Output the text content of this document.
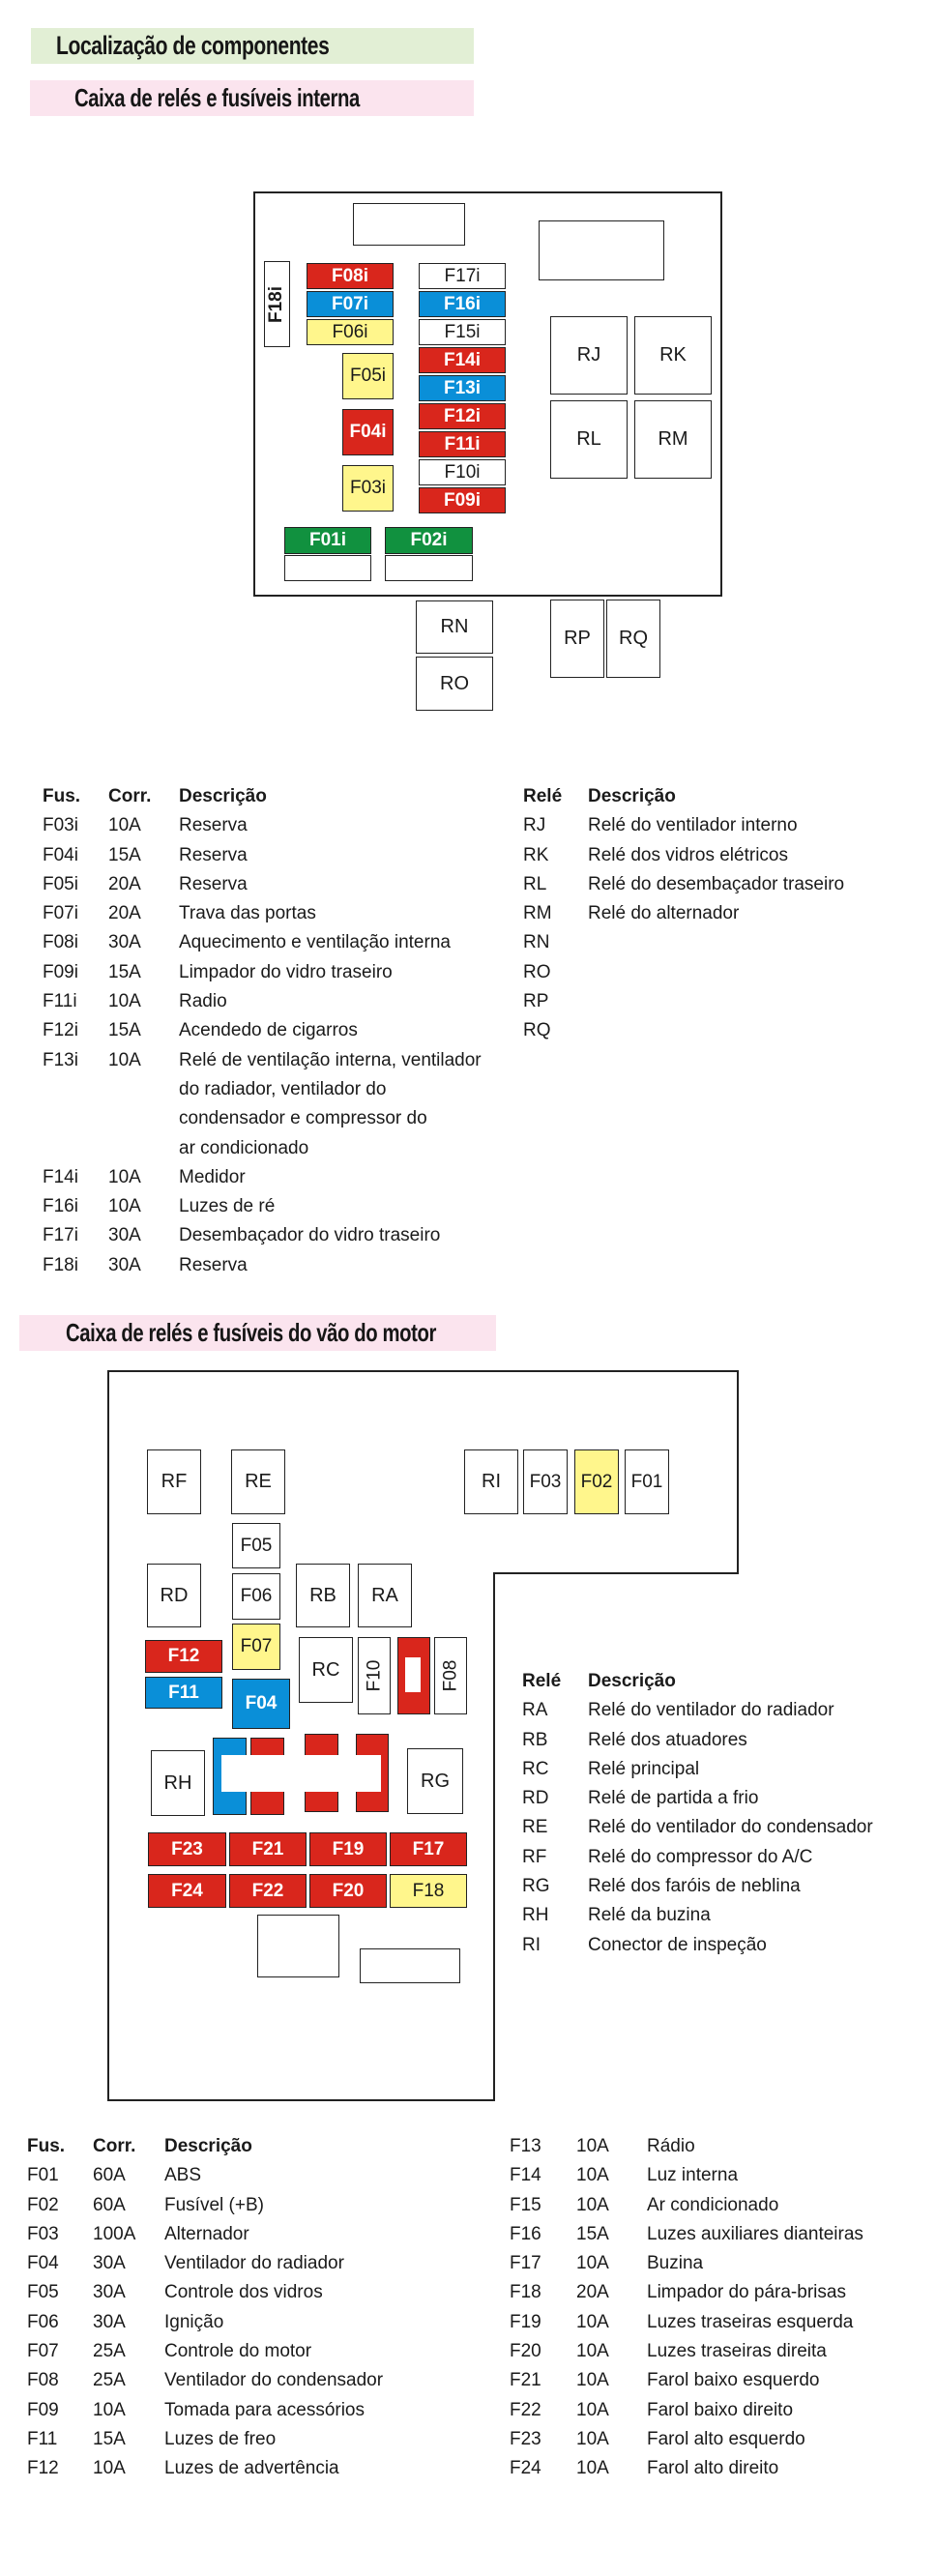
Localização de componentes
Caixa de relés e fusíveis interna
F18i
F08i
F07i
F06i
F05i
F04i
F03i
F17i
F16i
F15i
F14i
F13i
F12i
F11i
F10i
F09i
F01i	F02i
RJ	RK
RL	RM
RN
RO
RP RQ
Fus. Corr. Descrição
F03i 10A Reserva
F04i 15A Reserva
F05i 20A Reserva
F07i 20A Trava das portas
F08i 30A Aquecimento e ventilação interna
F09i 15A Limpador do vidro traseiro
F11i 10A Radio
F12i 15A Acendedo de cigarros
F13i 10A Relé de ventilação interna, ventilador
do radiador, ventilador do
condensador e compressor do
ar condicionado
F14i 10A Medidor
F16i 10A Luzes de ré
F17i 30A Desembaçador do vidro traseiro
F18i 30A Reserva
Relé Descrição
RJ Relé do ventilador interno
RK Relé dos vidros elétricos
RL Relé do desembaçador traseiro
RM Relé do alternador
RN
RO
RP
RQ
Caixa de relés e fusíveis do vão do motor
RF	RE	RI F03 F02 F01
F05
RD	F06 RB RA
F12
F11
F07
F04
RC F10	F08
RH	RG
F23	F21	F19	F17
F24	F22	F20	F18
Relé Descrição
RA Relé do ventilador do radiador
RB Relé dos atuadores
RC Relé principal
RD Relé de partida a frio
RE Relé do ventilador do condensador
RF Relé do compressor do A/C
RG Relé dos faróis de neblina
RH Relé da buzina
RI	Conector de inspeção
Fus. Corr. Descrição
F01 60A ABS
F02 60A Fusível (+B)
F03 100A Alternador
F04 30A Ventilador do radiador
F05 30A Controle dos vidros
F06 30A Ignição
F07 25A Controle do motor
F08 25A Ventilador do condensador
F09 10A Tomada para acessórios
F11 15A Luzes de freo
F12 10A Luzes de advertência
F13 10A Rádio
F14 10A Luz interna
F15 10A Ar condicionado
F16 15A Luzes auxiliares dianteiras
F17 10A Buzina
F18 20A Limpador do pára-brisas
F19 10A Luzes traseiras esquerda
F20 10A Luzes traseiras direita
F21 10A Farol baixo esquerdo
F22 10A Farol baixo direito
F23 10A Farol alto esquerdo
F24 10A Farol alto direito
